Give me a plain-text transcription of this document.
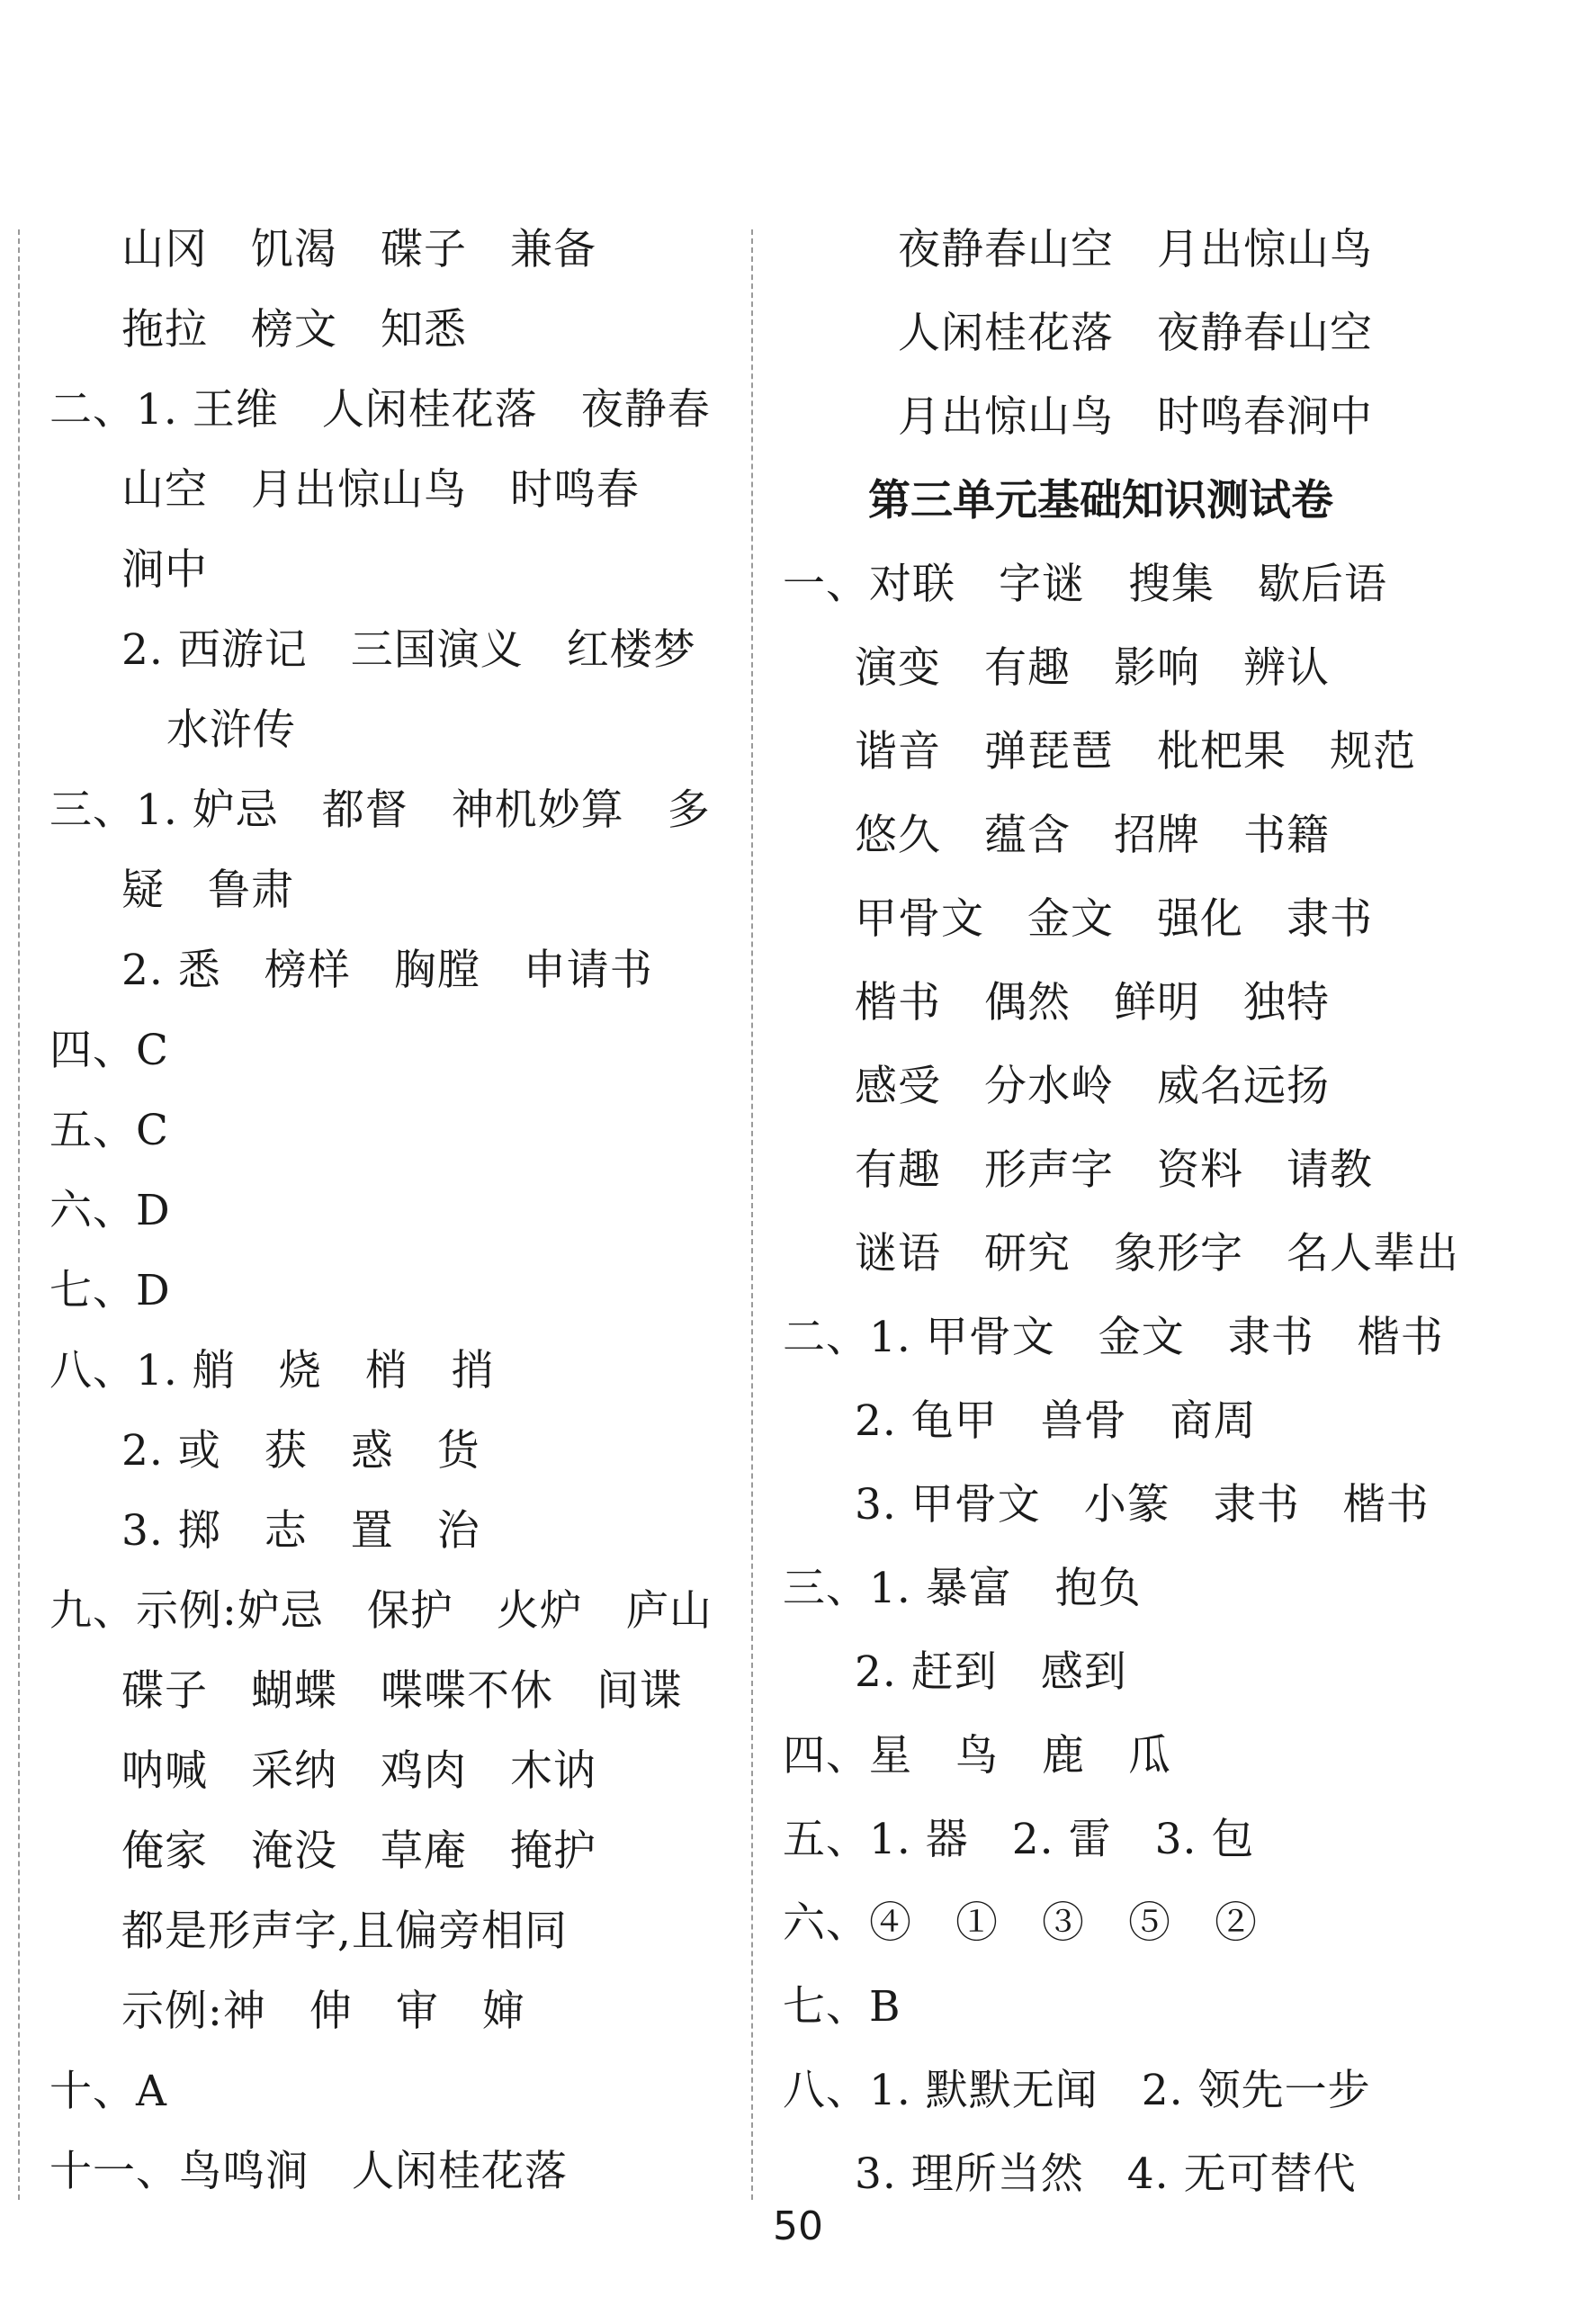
山冈　饥渴　碟子　兼备
拖拉　榜文　知悉
二、1. 王维　人闲桂花落　夜静春
山空　月出惊山鸟　时鸣春
涧中
2. 西游记　三国演义　红楼梦
水浒传
三、1. 妒忌　都督　神机妙算　多
疑　鲁肃
2. 悉　榜样　胸膛　申请书
四、C
五、C
六、D
七、D
八、1. 艄　烧　梢　捎
2. 或　获　惑　货
3. 掷　志　置　治
九、示例:妒忌　保护　火炉　庐山
碟子　蝴蝶　喋喋不休　间谍
呐喊　采纳　鸡肉　木讷
俺家　淹没　草庵　掩护
都是形声字,且偏旁相同
示例:神　伸　审　婶
十、A
十一、鸟鸣涧　人闲桂花落
夜静春山空　月出惊山鸟
人闲桂花落　夜静春山空
月出惊山鸟　时鸣春涧中
第三单元基础知识测试卷
一、对联　字谜　搜集　歇后语
演变　有趣　影响　辨认
谐音　弹琵琶　枇杷果　规范
悠久　蕴含　招牌　书籍
甲骨文　金文　强化　隶书
楷书　偶然　鲜明　独特
感受　分水岭　威名远扬
有趣　形声字　资料　请教
谜语　研究　象形字　名人辈出
二、1. 甲骨文　金文　隶书　楷书
2. 龟甲　兽骨　商周
3. 甲骨文　小篆　隶书　楷书
三、1. 暴富　抱负
2. 赶到　感到
四、星　鸟　鹿　瓜
五、1. 器　2. 雷　3. 包
六、④　①　③　⑤　②
七、B
八、1. 默默无闻　2. 领先一步
3. 理所当然　4. 无可替代
50
